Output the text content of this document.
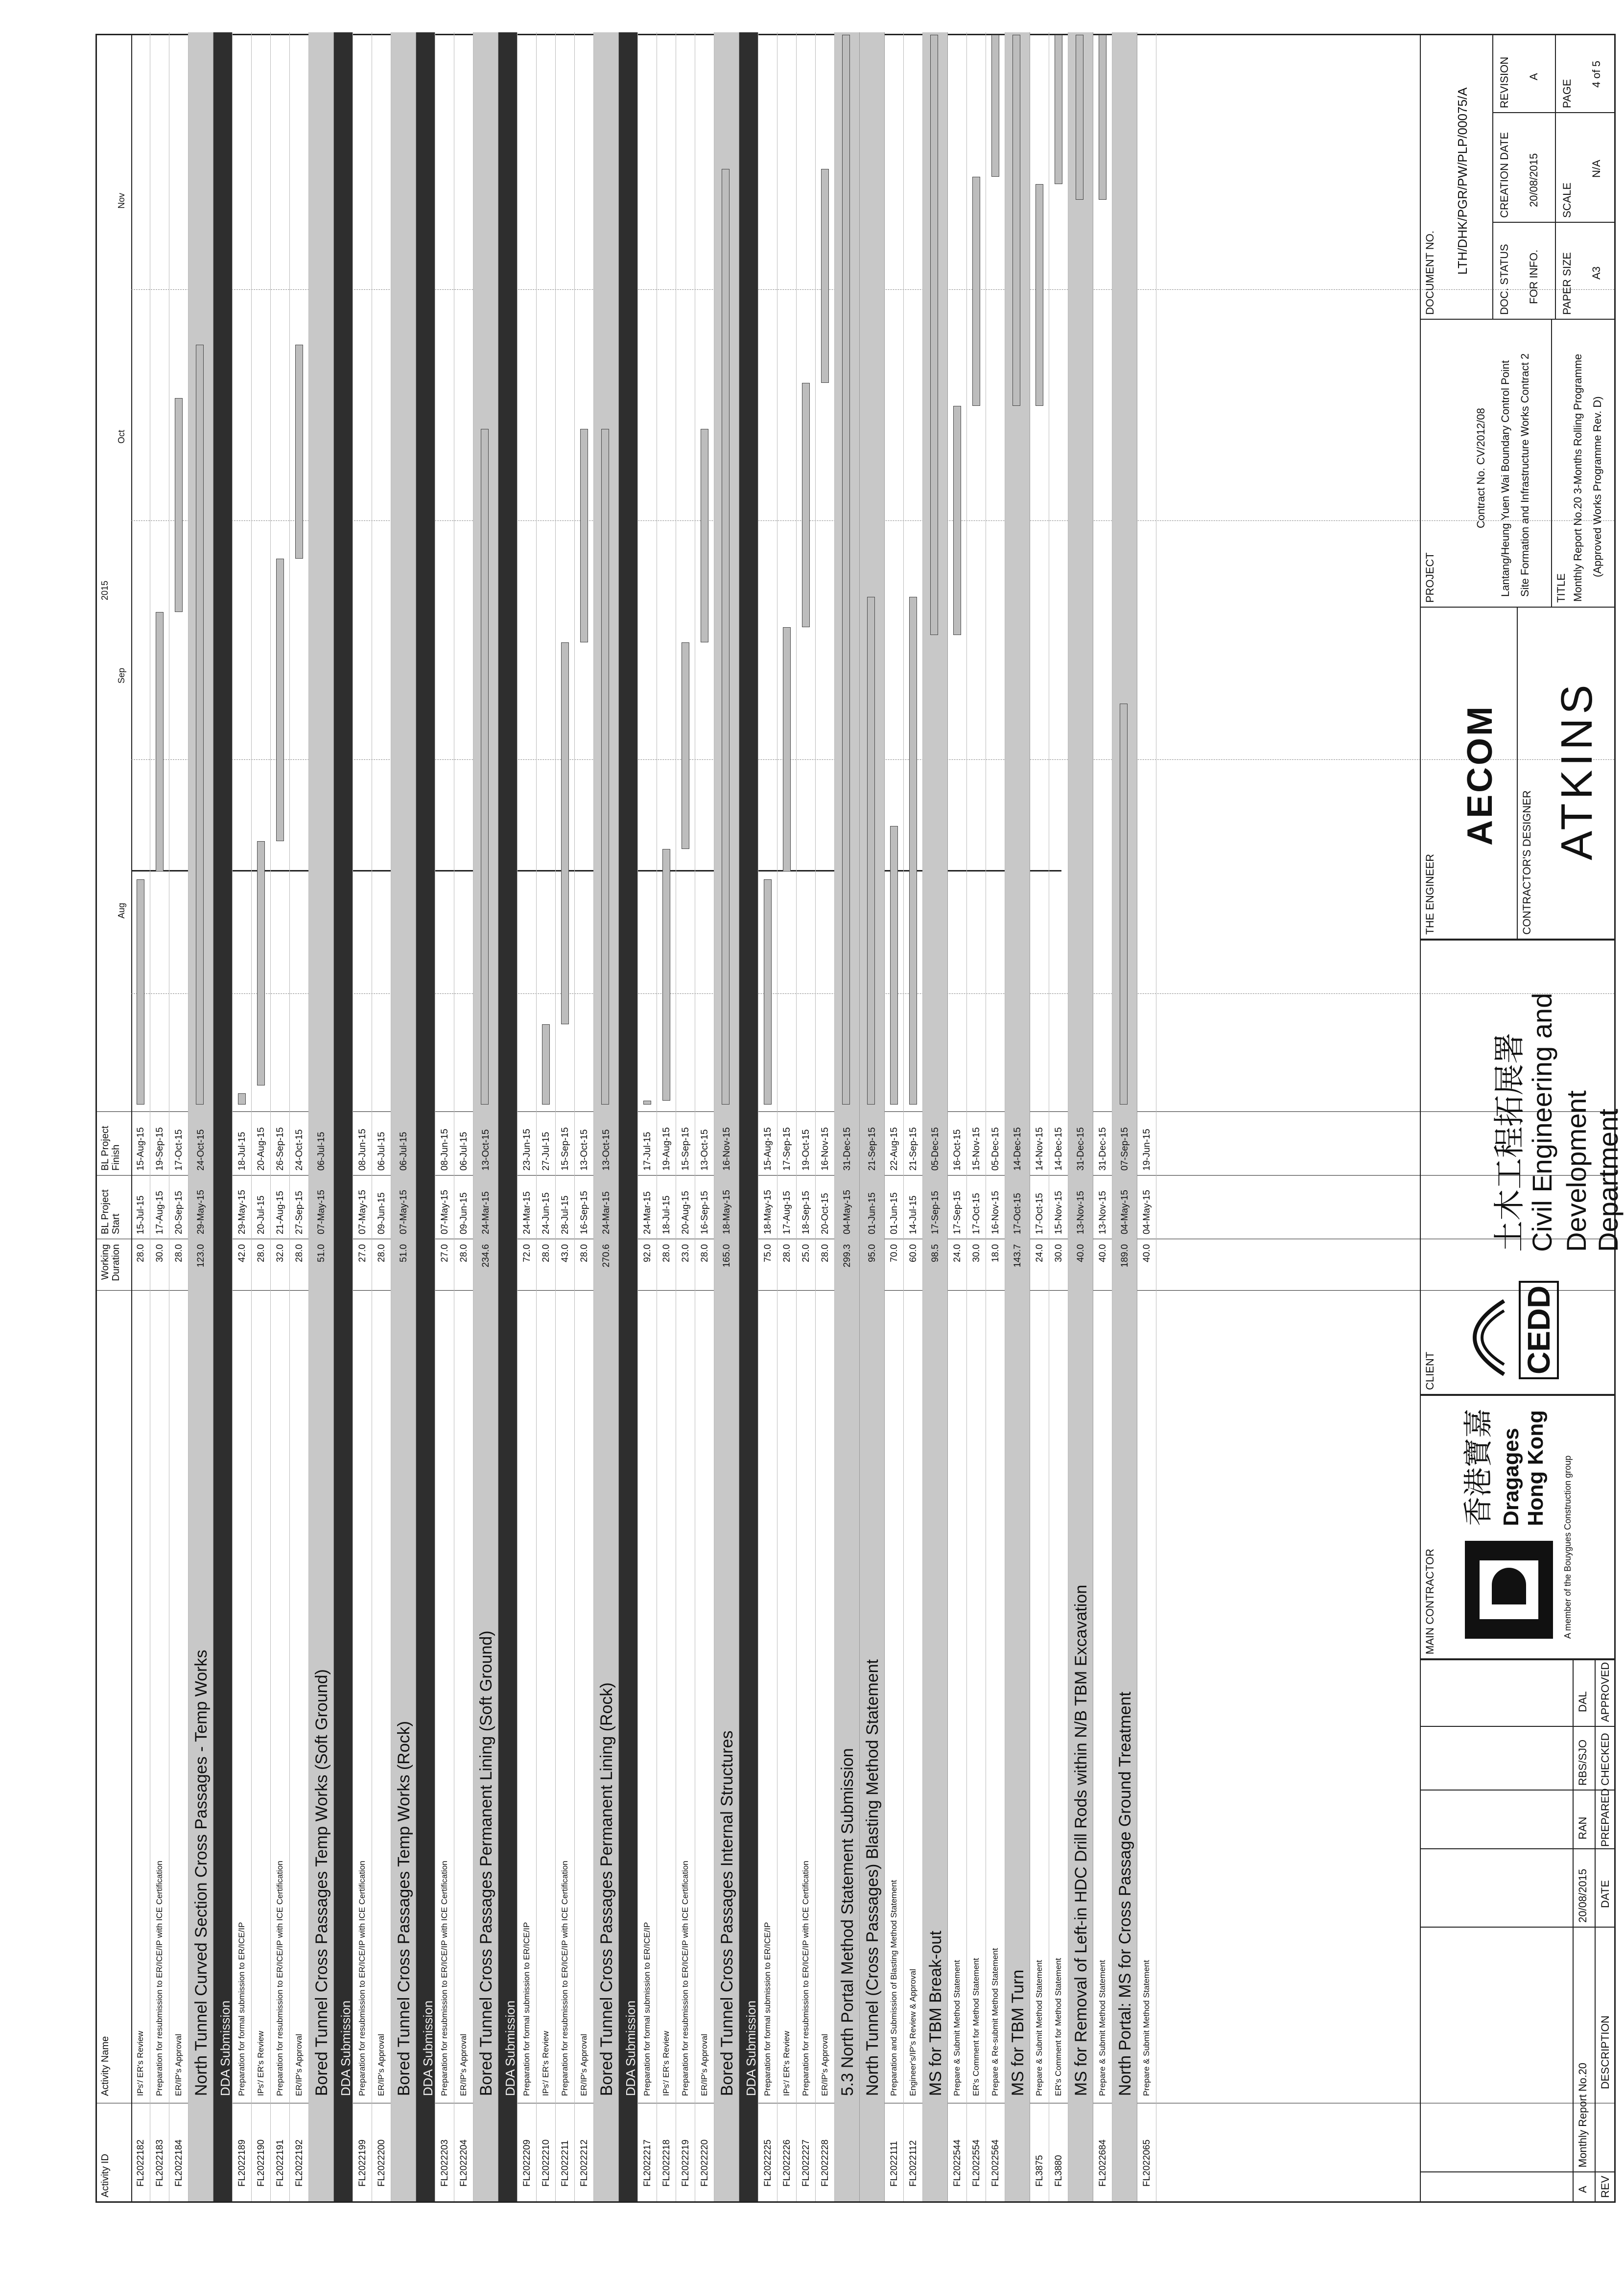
Activity ID
Activity Name
Working Duration
BL Project Start
BL Project Finish
2015
Aug
Sep
Oct
Nov
FL2022182
IPs'/ ER's Review
28.0
15-Jul-15
15-Aug-15
FL2022183
Preparation for resubmission to ER/ICE/IP with ICE Certification
30.0
17-Aug-15
19-Sep-15
FL2022184
ER/IP's Approval
28.0
20-Sep-15
17-Oct-15
North Tunnel Curved Section Cross Passages - Temp Works
123.0
29-May-15
24-Oct-15
DDA Submission
FL2022189
Preparation for formal submission to ER/ICE/IP
42.0
29-May-15
18-Jul-15
FL2022190
IPs'/ ER's Review
28.0
20-Jul-15
20-Aug-15
FL2022191
Preparation for resubmission to ER/ICE/IP with ICE Certification
32.0
21-Aug-15
26-Sep-15
FL2022192
ER/IP's Approval
28.0
27-Sep-15
24-Oct-15
Bored Tunnel Cross Passages Temp Works (Soft Ground)
51.0
07-May-15
06-Jul-15
DDA Submission
FL2022199
Preparation for resubmission to ER/ICE/IP with ICE Certification
27.0
07-May-15
08-Jun-15
FL2022200
ER/IP's Approval
28.0
09-Jun-15
06-Jul-15
Bored Tunnel Cross Passages Temp Works (Rock)
51.0
07-May-15
06-Jul-15
DDA Submission
FL2022203
Preparation for resubmission to ER/ICE/IP with ICE Certification
27.0
07-May-15
08-Jun-15
FL2022204
ER/IP's Approval
28.0
09-Jun-15
06-Jul-15
Bored Tunnel Cross Passages Permanent Lining (Soft Ground)
234.6
24-Mar-15
13-Oct-15
DDA Submission
FL2022209
Preparation for formal submission to ER/ICE/IP
72.0
24-Mar-15
23-Jun-15
FL2022210
IPs'/ ER's Review
28.0
24-Jun-15
27-Jul-15
FL2022211
Preparation for resubmission to ER/ICE/IP with ICE Certification
43.0
28-Jul-15
15-Sep-15
FL2022212
ER/IP's Approval
28.0
16-Sep-15
13-Oct-15
Bored Tunnel Cross Passages Permanent Lining (Rock)
270.6
24-Mar-15
13-Oct-15
DDA Submission
FL2022217
Preparation for formal submission to ER/ICE/IP
92.0
24-Mar-15
17-Jul-15
FL2022218
IPs'/ ER's Review
28.0
18-Jul-15
19-Aug-15
FL2022219
Preparation for resubmission to ER/ICE/IP with ICE Certification
23.0
20-Aug-15
15-Sep-15
FL2022220
ER/IP's Approval
28.0
16-Sep-15
13-Oct-15
Bored Tunnel Cross Passages Internal Structures
165.0
18-May-15
16-Nov-15
DDA Submission
FL2022225
Preparation for formal submission to ER/ICE/IP
75.0
18-May-15
15-Aug-15
FL2022226
IPs'/ ER's Review
28.0
17-Aug-15
17-Sep-15
FL2022227
Preparation for resubmission to ER/ICE/IP with ICE Certification
25.0
18-Sep-15
19-Oct-15
FL2022228
ER/IP's Approval
28.0
20-Oct-15
16-Nov-15
5.3 North Portal Method Statement Submission
299.3
04-May-15
31-Dec-15
North Tunnel (Cross Passages) Blasting Method Statement
95.0
01-Jun-15
21-Sep-15
FL2022111
Preparation and Submission of Blasting Method Statement
70.0
01-Jun-15
22-Aug-15
FL2022112
Engineer's/IP's Review & Approval
60.0
14-Jul-15
21-Sep-15
MS for TBM Break-out
98.5
17-Sep-15
05-Dec-15
FL2022544
Prepare & Submit Method Statement
24.0
17-Sep-15
16-Oct-15
FL2022554
ER's Comment for Method Statement
30.0
17-Oct-15
15-Nov-15
FL2022564
Prepare & Re-submit Method Statement
18.0
16-Nov-15
05-Dec-15
MS for TBM Turn
143.7
17-Oct-15
14-Dec-15
FL3875
Prepare & Submit Method Statement
24.0
17-Oct-15
14-Nov-15
FL3880
ER's Comment for Method Statement
30.0
15-Nov-15
14-Dec-15
MS for Removal of Left-in HDC Drill Rods within N/B TBM Excavation
40.0
13-Nov-15
31-Dec-15
FL2022684
Prepare & Submit Method Statement
40.0
13-Nov-15
31-Dec-15
North Portal: MS for Cross Passage Ground Treatment
189.0
04-May-15
07-Sep-15
FL2022065
Prepare & Submit Method Statement
40.0
04-May-15
19-Jun-15
A
Monthly Report No.20
20/08/2015
RAN
RBS/SJO
DAL
REV
DESCRIPTION
DATE
PREPARED
CHECKED
APPROVED
MAIN CONTRACTOR
香港寶嘉 Dragages Hong Kong A member of the Bouygues Construction group
CLIENT	CEDD
土木工程拓展署 Civil Engineering and Development Department
THE ENGINEER
AECOM
CONTRACTOR'S DESIGNER
ATKINS
PROJECT
Contract No. CV/2012/08 Lantang/Heung Yuen Wai Boundary Control Point Site Formation and Infrastructure Works Contract 2 TITLE Monthly Report No.20 3-Months Rolling Programme (Approved Works Programme Rev. D)
DOCUMENT NO. LTH/DHK/PGR/PW/PLP/00075/A
DOC. STATUS FOR INFO.
CREATION DATE 20/08/2015
REVISION A
PAPER SIZE A3
SCALE
N/A
PAGE
4 of 5
